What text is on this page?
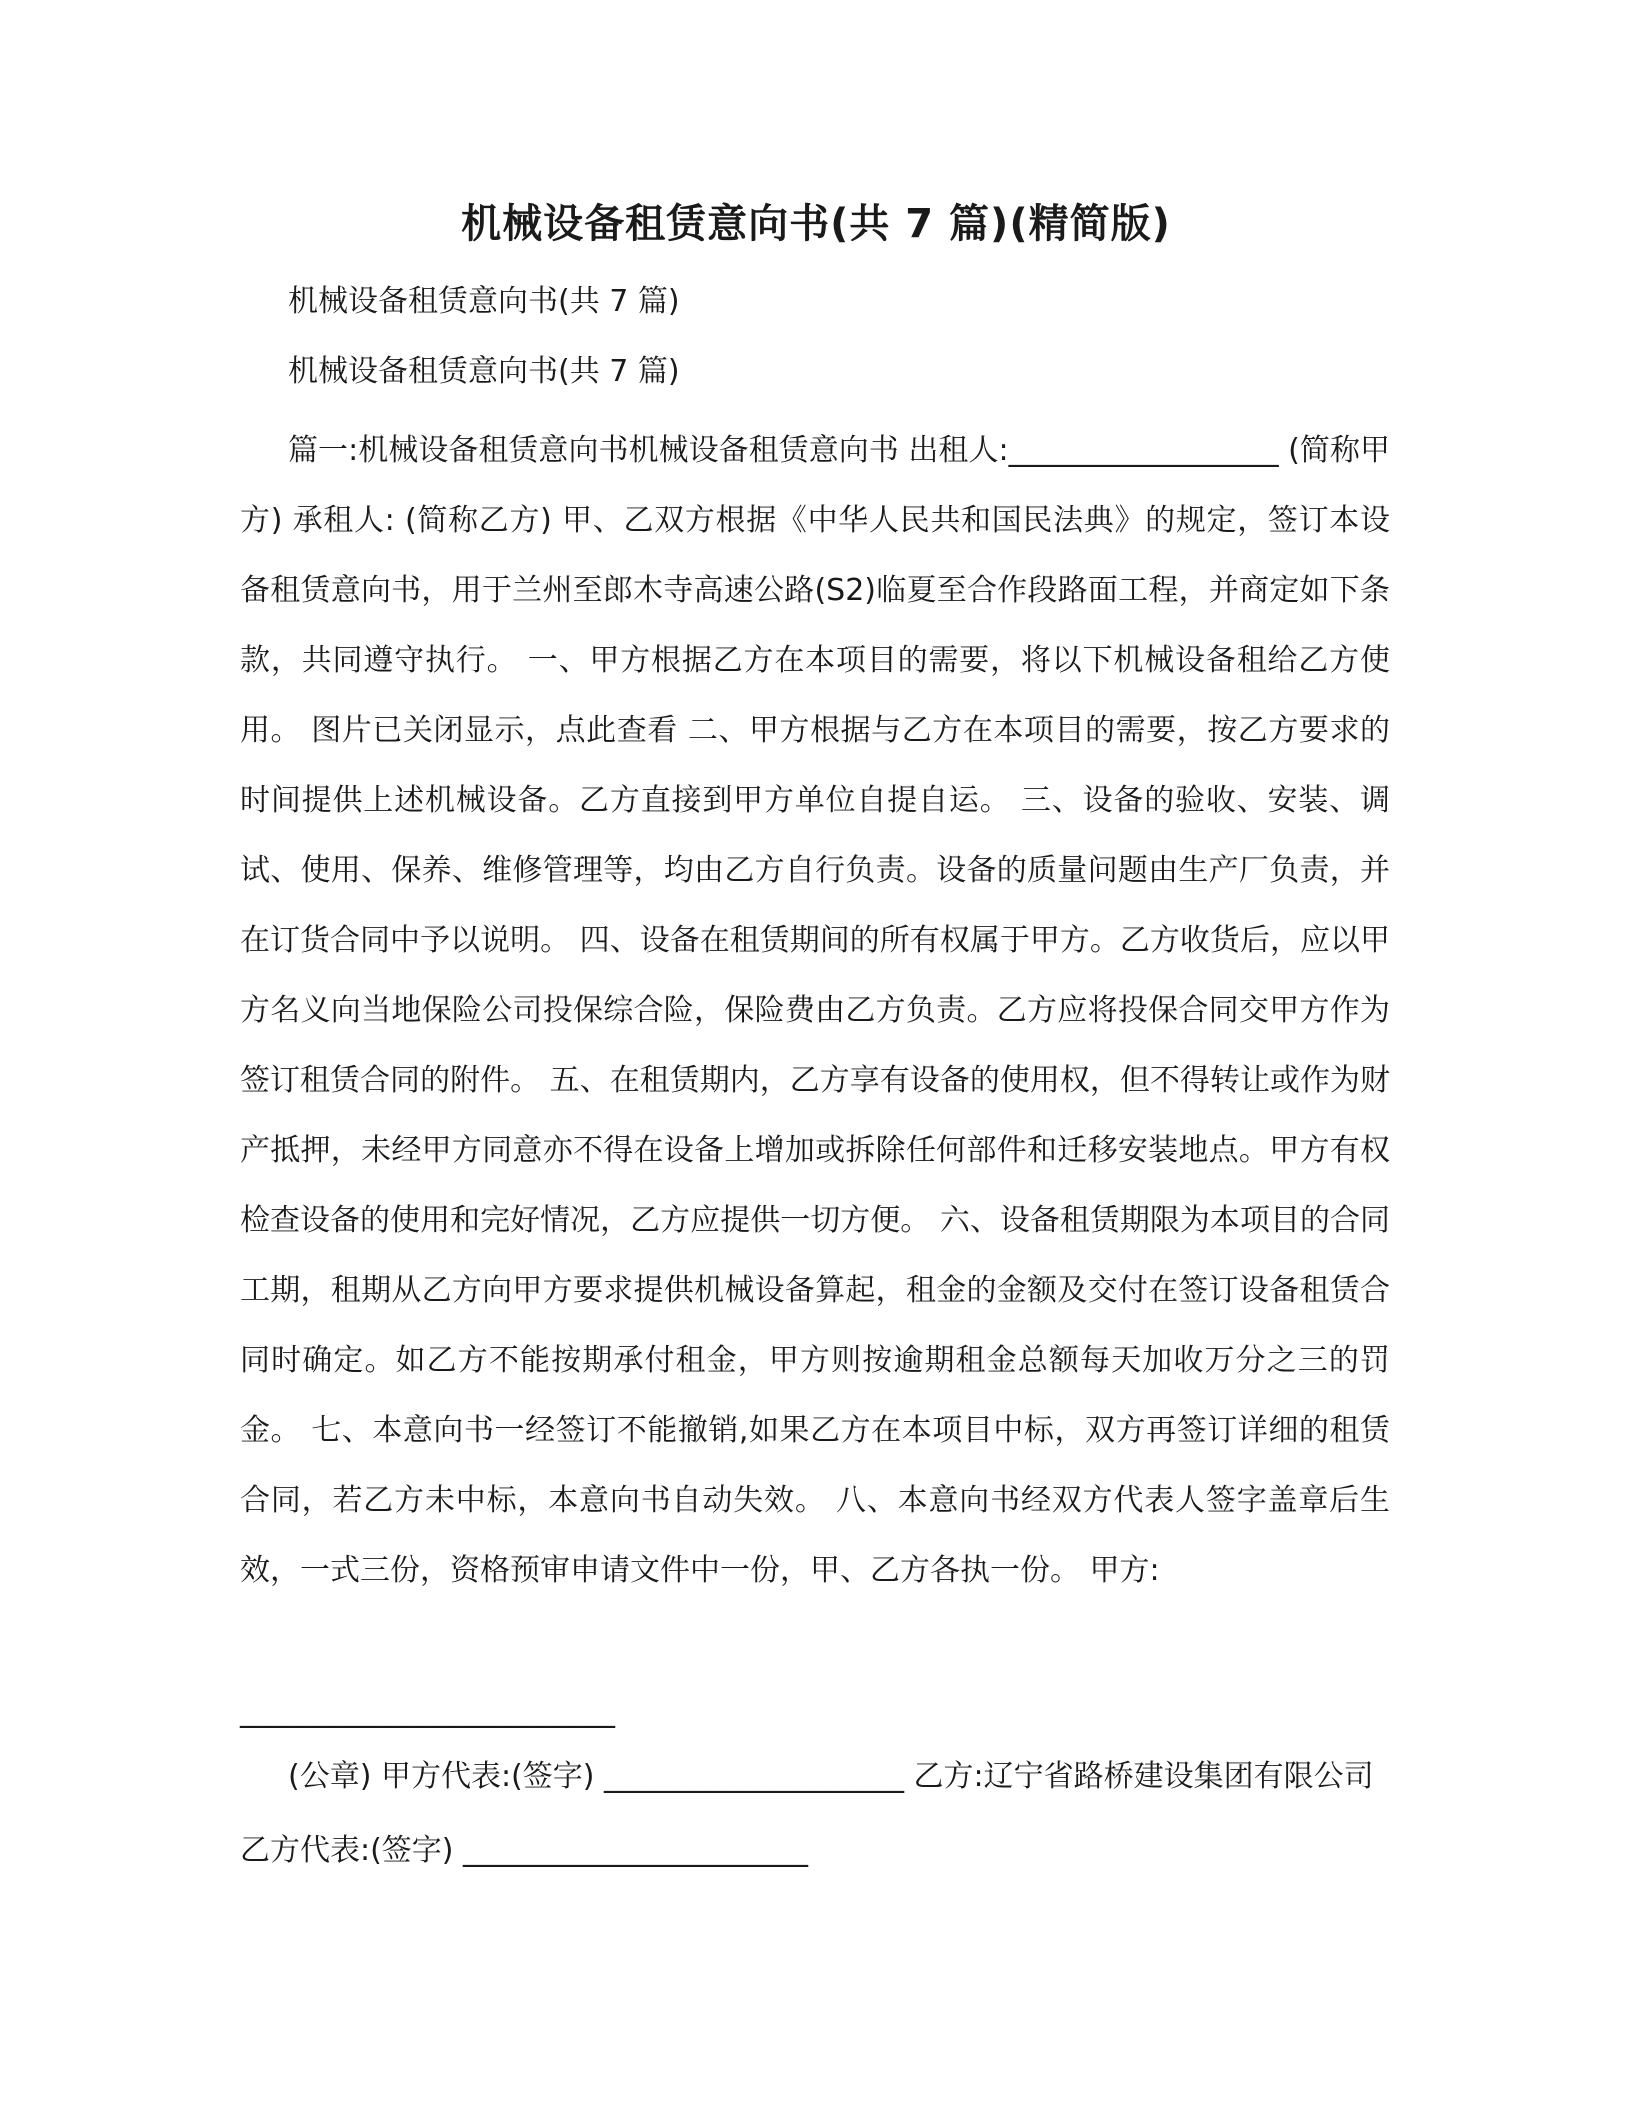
机械设备租赁意向书(共 7 篇)(精简版)
机械设备租赁意向书(共 7 篇)
机械设备租赁意向书(共 7 篇)
篇一:机械设备租赁意向书机械设备租赁意向书 出租人:__________________ (简称甲方) 承租人: (简称乙方) 甲、乙双方根据《中华人民共和国民法典》的规定，签订本设备租赁意向书，用于兰州至郎木寺高速公路(S2)临夏至合作段路面工程，并商定如下条款，共同遵守执行。 一、甲方根据乙方在本项目的需要，将以下机械设备租给乙方使用。 图片已关闭显示，点此查看 二、甲方根据与乙方在本项目的需要，按乙方要求的时间提供上述机械设备。乙方直接到甲方单位自提自运。 三、设备的验收、安装、调试、使用、保养、维修管理等，均由乙方自行负责。设备的质量问题由生产厂负责，并在订货合同中予以说明。 四、设备在租赁期间的所有权属于甲方。乙方收货后，应以甲方名义向当地保险公司投保综合险，保险费由乙方负责。乙方应将投保合同交甲方作为签订租赁合同的附件。 五、在租赁期内，乙方享有设备的使用权，但不得转让或作为财产抵押，未经甲方同意亦不得在设备上增加或拆除任何部件和迁移安装地点。甲方有权检查设备的使用和完好情况，乙方应提供一切方便。 六、设备租赁期限为本项目的合同工期，租期从乙方向甲方要求提供机械设备算起，租金的金额及交付在签订设备租赁合同时确定。如乙方不能按期承付租金，甲方则按逾期租金总额每天加收万分之三的罚金。 七、本意向书一经签订不能撤销,如果乙方在本项目中标，双方再签订详细的租赁合同，若乙方未中标，本意向书自动失效。 八、本意向书经双方代表人签字盖章后生效，一式三份，资格预审申请文件中一份，甲、乙方各执一份。 甲方:
_________________________
(公章) 甲方代表:(签字) ____________________ 乙方:辽宁省路桥建设集团有限公司 乙方代表:(签字) _______________________
